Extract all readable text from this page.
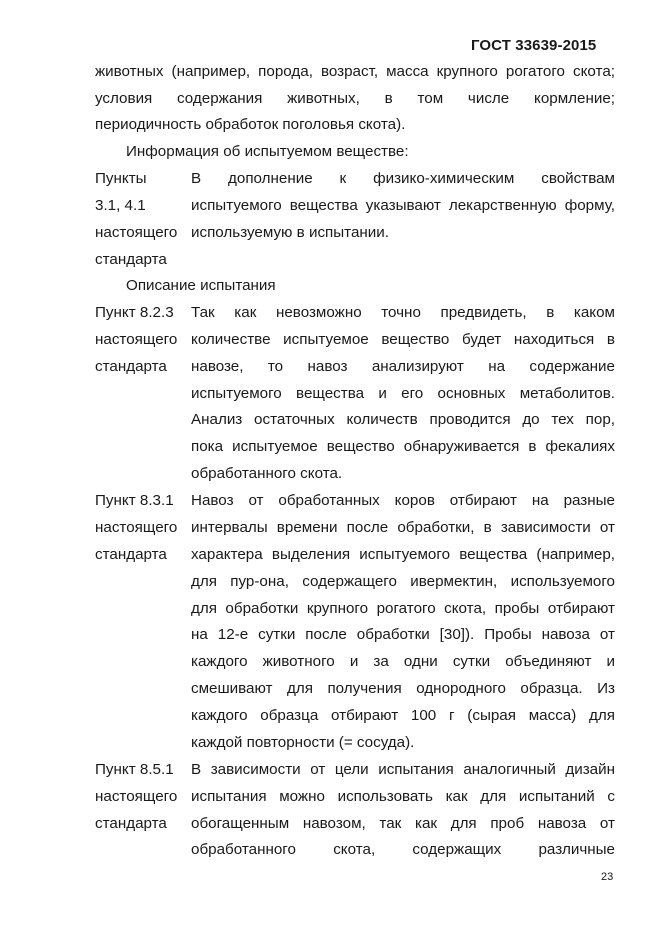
ГОСТ 33639-2015
животных (например, порода, возраст, масса крупного рогатого скота;
условия содержания животных, в том числе кормление;
периодичность обработок поголовья скота).
Информация об испытуемом веществе:
Пункты
3.1, 4.1
настоящего
стандарта
В дополнение к физико-химическим свойствам
испытуемого вещества указывают лекарственную форму,
используемую в испытании.
Описание испытания
Пункт 8.2.3
настоящего
стандарта
Так как невозможно точно предвидеть, в каком
количестве испытуемое вещество будет находиться в
навозе, то навоз анализируют на содержание
испытуемого вещества и его основных метаболитов.
Анализ остаточных количеств проводится до тех пор,
пока испытуемое вещество обнаруживается в фекалиях
обработанного скота.
Пункт 8.3.1
настоящего
стандарта
Навоз от обработанных коров отбирают на разные
интервалы времени после обработки, в зависимости от
характера выделения испытуемого вещества (например,
для пур-она, содержащего ивермектин, используемого
для обработки крупного рогатого скота, пробы отбирают
на 12-е сутки после обработки [30]). Пробы навоза от
каждого животного и за одни сутки объединяют и
смешивают для получения однородного образца. Из
каждого образца отбирают 100 г (сырая масса) для
каждой повторности (= сосуда).
Пункт 8.5.1
настоящего
стандарта
В зависимости от цели испытания аналогичный дизайн
испытания можно использовать как для испытаний с
обогащенным навозом, так как для проб навоза от
обработанного скота, содержащих различные
23
